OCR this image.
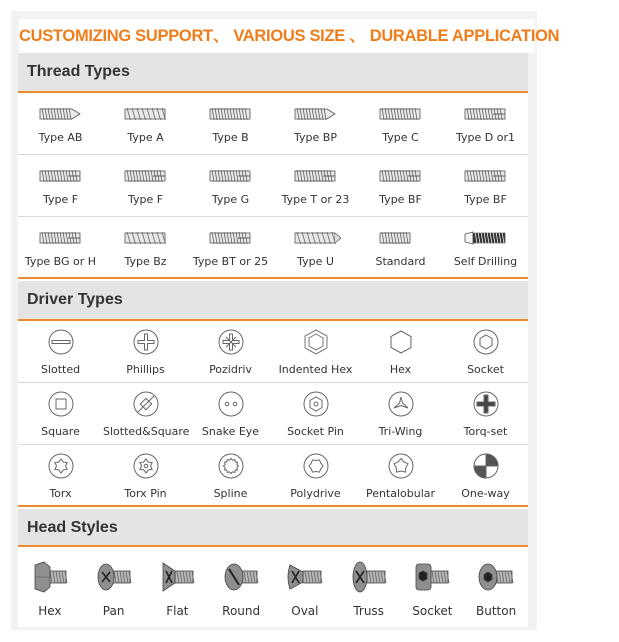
CUSTOMIZING SUPPORT、 VARIOUS SIZE 、 DURABLE APPLICATION
Thread Types
Type AB	Type A	Type B	Type BP	Type C	Type D or1
Type F	Type F	Type G	Type T or 23	Type BF	Type BF
Type BG or H	Type Bz	Type BT or 25	Type U	Standard	Self Drilling
Driver Types
Slotted	Phillips	Pozidriv	Indented Hex	Hex	Socket
Square	Slotted&Square	Snake Eye	Socket Pin	Tri-Wing	Torq-set
Torx	Torx Pin	Spline	Polydrive	Pentalobular	One-way
Head Styles
Hex	Pan	Flat	Round	Oval	Truss	Socket	Button
